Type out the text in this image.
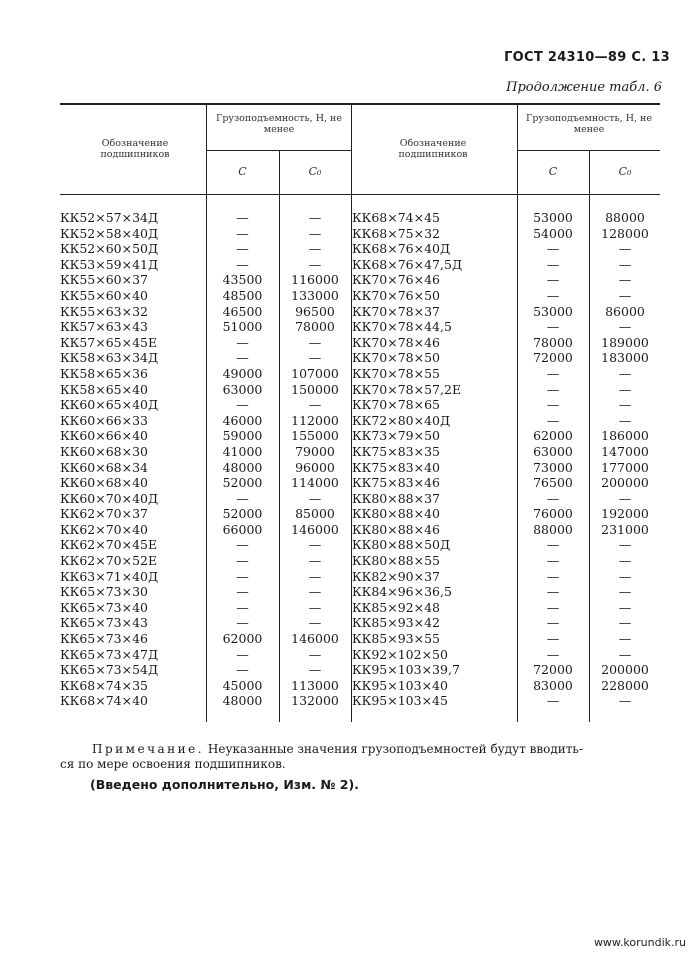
ГОСТ 24310—89 С. 13
Продолжение табл. 6
Обозначение подшипников
Грузоподъемность, Н, не менее
C	C₀
Обозначение подшипников
Грузоподъемность, Н, не менее
C	C₀
КК52×57×34Д
КК52×58×40Д
КК52×60×50Д
КК53×59×41Д
КК55×60×37
КК55×60×40
КК55×63×32
КК57×63×43
КК57×65×45Е
КК58×63×34Д
КК58×65×36
КК58×65×40
КК60×65×40Д
КК60×66×33
КК60×66×40
КК60×68×30
КК60×68×34
КК60×68×40
КК60×70×40Д
КК62×70×37
КК62×70×40
КК62×70×45Е
КК62×70×52Е
КК63×71×40Д
КК65×73×30
КК65×73×40
КК65×73×43
КК65×73×46
КК65×73×47Д
КК65×73×54Д
КК68×74×35
КК68×74×40
—
—
—
—
43500
48500
46500
51000
—
—
49000
63000
—
46000
59000
41000
48000
52000
—
52000
66000
—
—
—
—
—
—
62000
—
—
45000
48000
—
—
—
—
116000
133000
96500
78000
—
—
107000
150000
—
112000
155000
79000
96000
114000
—
85000
146000
—
—
—
—
—
—
146000
—
—
113000
132000
КК68×74×45
КК68×75×32
КК68×76×40Д
КК68×76×47,5Д
КК70×76×46
КК70×76×50
КК70×78×37
КК70×78×44,5
КК70×78×46
КК70×78×50
КК70×78×55
КК70×78×57,2Е
КК70×78×65
КК72×80×40Д
КК73×79×50
КК75×83×35
КК75×83×40
КК75×83×46
КК80×88×37
КК80×88×40
КК80×88×46
КК80×88×50Д
КК80×88×55
КК82×90×37
КК84×96×36,5
КК85×92×48
КК85×93×42
КК85×93×55
КК92×102×50
КК95×103×39,7
КК95×103×40
КК95×103×45
53000
54000
—
—
—
—
53000
—
78000
72000
—
—
—
—
62000
63000
73000
76500
—
76000
88000
—
—
—
—
—
—
—
—
72000
83000
—
88000
128000
—
—
—
—
86000
—
189000
183000
—
—
—
—
186000
147000
177000
200000
—
192000
231000
—
—
—
—
—
—
—
—
200000
228000
—
Примечание. Неуказанные значения грузоподъемностей будут вводить-
ся по мере освоения подшипников.
(Введено дополнительно, Изм. № 2).
www.korundik.ru
